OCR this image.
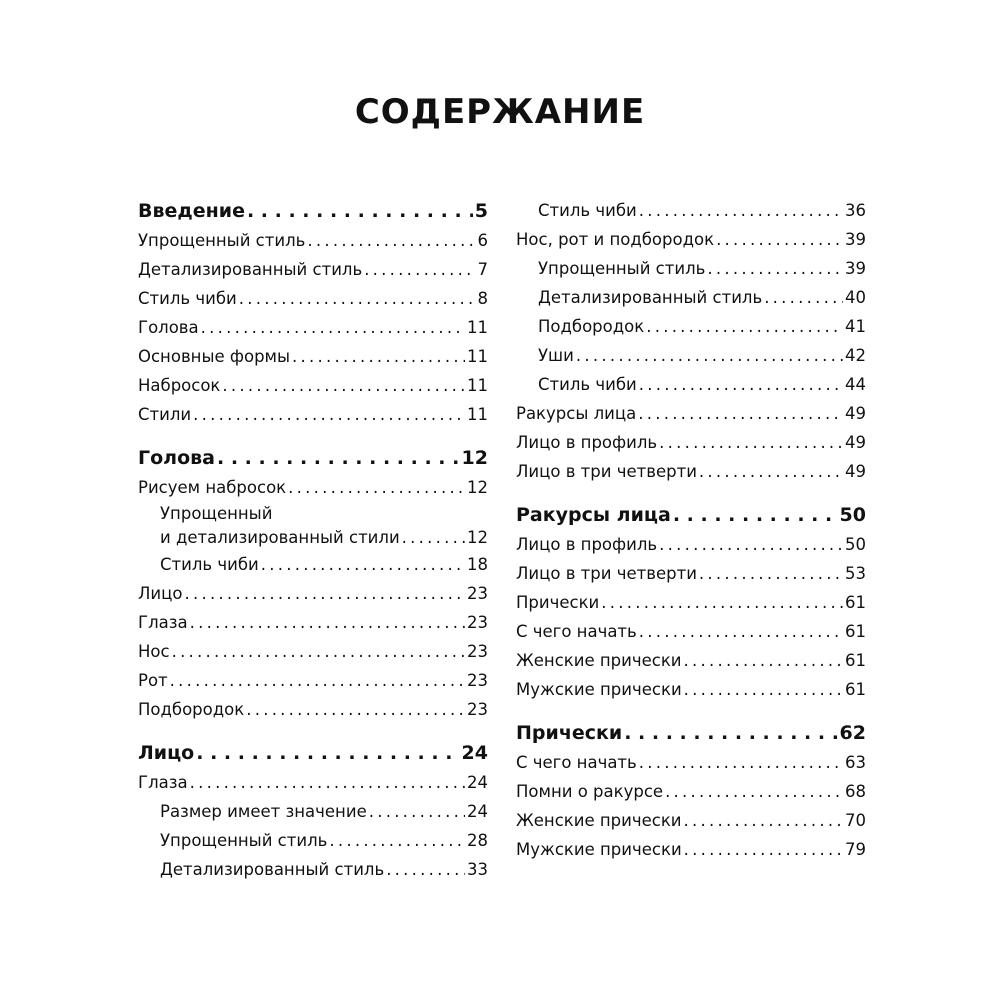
СОДЕРЖАНИЕ
Введение . . .	5
Упрощенный стиль . . .	6
Детализированный стиль . . .	7
Стиль чиби . . .	8
Голова . . .	11
Основные формы . . .	11
Набросок . . .	11
Стили . . .	11
Голова . . .	12
Рисуем набросок . . .	12
Упрощенный
и детализированный стили . . .	12
Стиль чиби . . .	18
Лицо . . .	23
Глаза . . .	23
Нос . . .	23
Рот . . .	23
Подбородок . . .	23
Лицо . . .	24
Глаза . . .	24
Размер имеет значение . . .	24
Упрощенный стиль . . .	28
Детализированный стиль . . .	33
Стиль чиби . . .	36
Нос, рот и подбородок . . .	39
Упрощенный стиль . . .	39
Детализированный стиль . . .	40
Подбородок . . .	41
Уши . . .	42
Стиль чиби . . .	44
Ракурсы лица . . .	49
Лицо в профиль . . .	49
Лицо в три четверти . . .	49
Ракурсы лица . . .	50
Лицо в профиль . . .	50
Лицо в три четверти . . .	53
Прически . . .	61
С чего начать . . .	61
Женские прически . . .	61
Мужские прически . . .	61
Прически . . .	62
С чего начать . . .	63
Помни о ракурсе . . .	68
Женские прически . . .	70
Мужские прически . . .	79
